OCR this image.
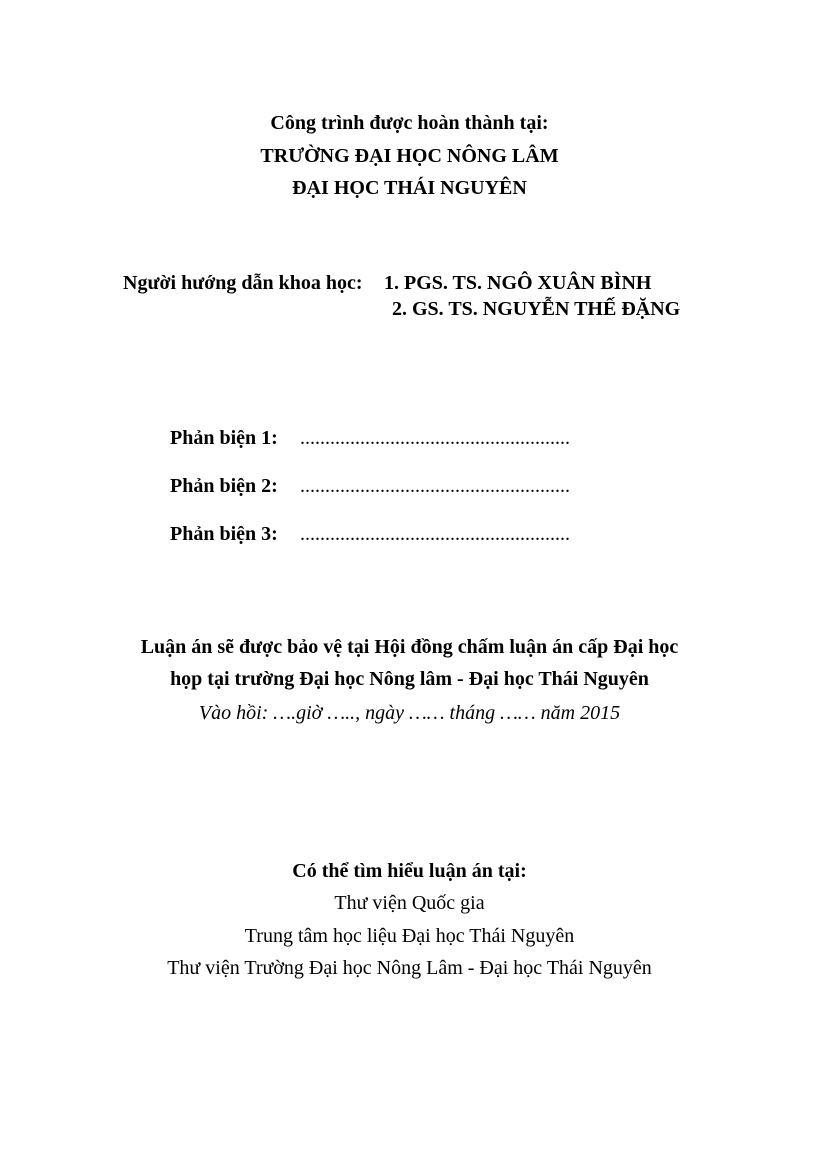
Công trình được hoàn thành tại:
TRƯỜNG ĐẠI HỌC NÔNG LÂM
ĐẠI HỌC THÁI NGUYÊN
Người hướng dẫn khoa học: 1. PGS. TS. NGÔ XUÂN BÌNH
2. GS. TS. NGUYỄN THẾ ĐẶNG
Phản biện 1: ......................................................
Phản biện 2: ......................................................
Phản biện 3: ......................................................
Luận án sẽ được bảo vệ tại Hội đồng chấm luận án cấp Đại học
họp tại trường Đại học Nông lâm - Đại học Thái Nguyên
Vào hồi: ….giờ ….., ngày …… tháng …… năm 2015
Có thể tìm hiểu luận án tại:
Thư viện Quốc gia
Trung tâm học liệu Đại học Thái Nguyên
Thư viện Trường Đại học Nông Lâm - Đại học Thái Nguyên
